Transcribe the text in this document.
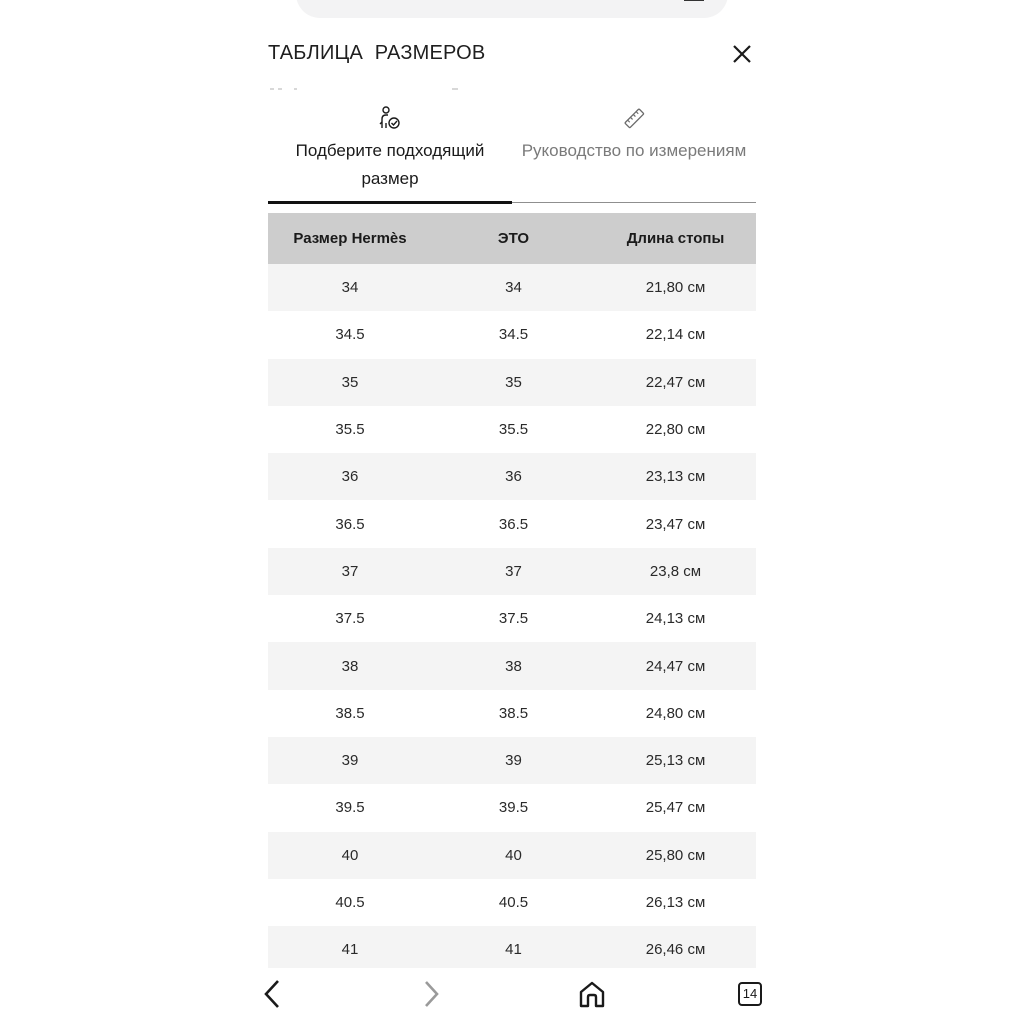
ТАБЛИЦА РАЗМЕРОВ
Подберите подходящий размер
Руководство по измерениям
Размер Hermès	ЭТО	Длина стопы
34	34	21,80 см
34.5	34.5	22,14 см
35	35	22,47 см
35.5	35.5	22,80 см
36	36	23,13 см
36.5	36.5	23,47 см
37	37	23,8 см
37.5	37.5	24,13 см
38	38	24,47 см
38.5	38.5	24,80 см
39	39	25,13 см
39.5	39.5	25,47 см
40	40	25,80 см
40.5	40.5	26,13 см
41	41	26,46 см
14
